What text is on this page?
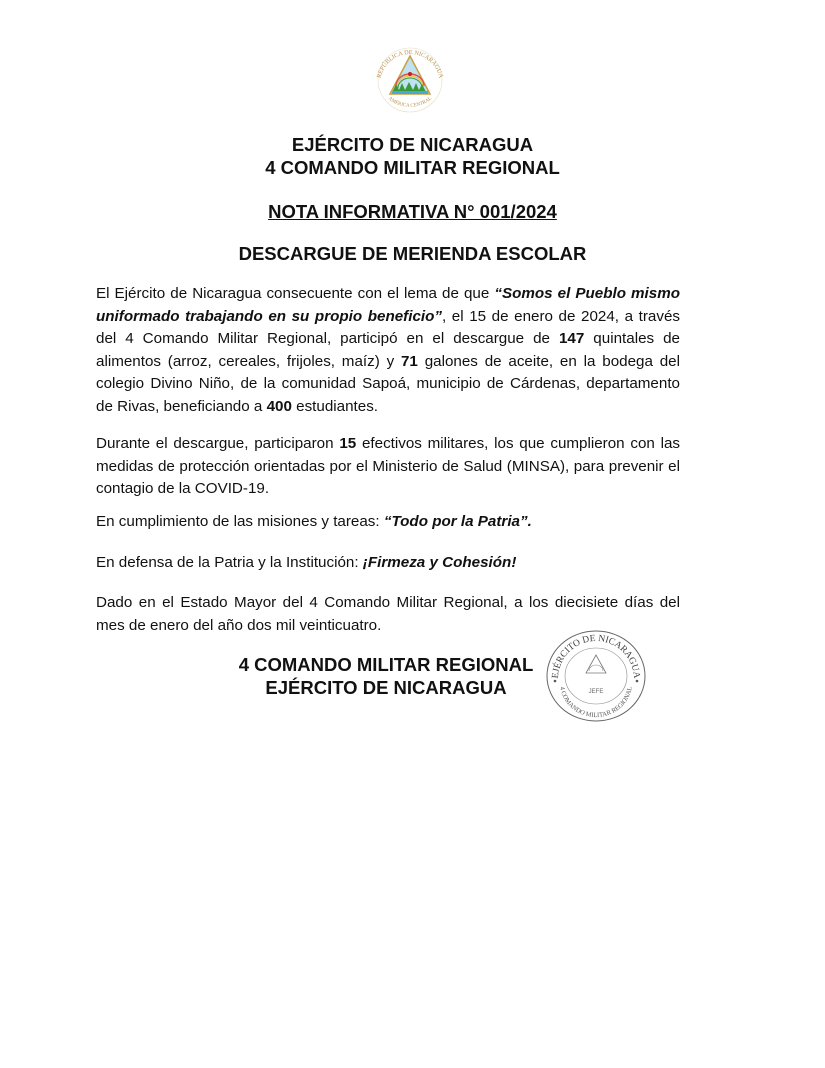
REPÚBLICA DE NICARAGUA
AMÉRICA CENTRAL
EJÉRCITO DE NICARAGUA
4 COMANDO MILITAR REGIONAL
NOTA INFORMATIVA N° 001/2024
DESCARGUE DE MERIENDA ESCOLAR
El Ejército de Nicaragua consecuente con el lema de que “Somos el Pueblo mismo uniformado trabajando en su propio beneficio”, el 15 de enero de 2024, a través del 4 Comando Militar Regional, participó en el descargue de 147 quintales de alimentos (arroz, cereales, frijoles, maíz) y 71 galones de aceite, en la bodega del colegio Divino Niño, de la comunidad Sapoá, municipio de Cárdenas, departamento de Rivas, beneficiando a 400 estudiantes.
Durante el descargue, participaron 15 efectivos militares, los que cumplieron con las medidas de protección orientadas por el Ministerio de Salud (MINSA), para prevenir el contagio de la COVID-19.
En cumplimiento de las misiones y tareas: “Todo por la Patria”.
En defensa de la Patria y la Institución: ¡Firmeza y Cohesión!
Dado en el Estado Mayor del 4 Comando Militar Regional, a los diecisiete días del mes de enero del año dos mil veinticuatro.
4 COMANDO MILITAR REGIONAL
EJÉRCITO DE NICARAGUA
EJÉRCITO DE NICARAGUA
4 COMANDO MILITAR REGIONAL
JEFE
